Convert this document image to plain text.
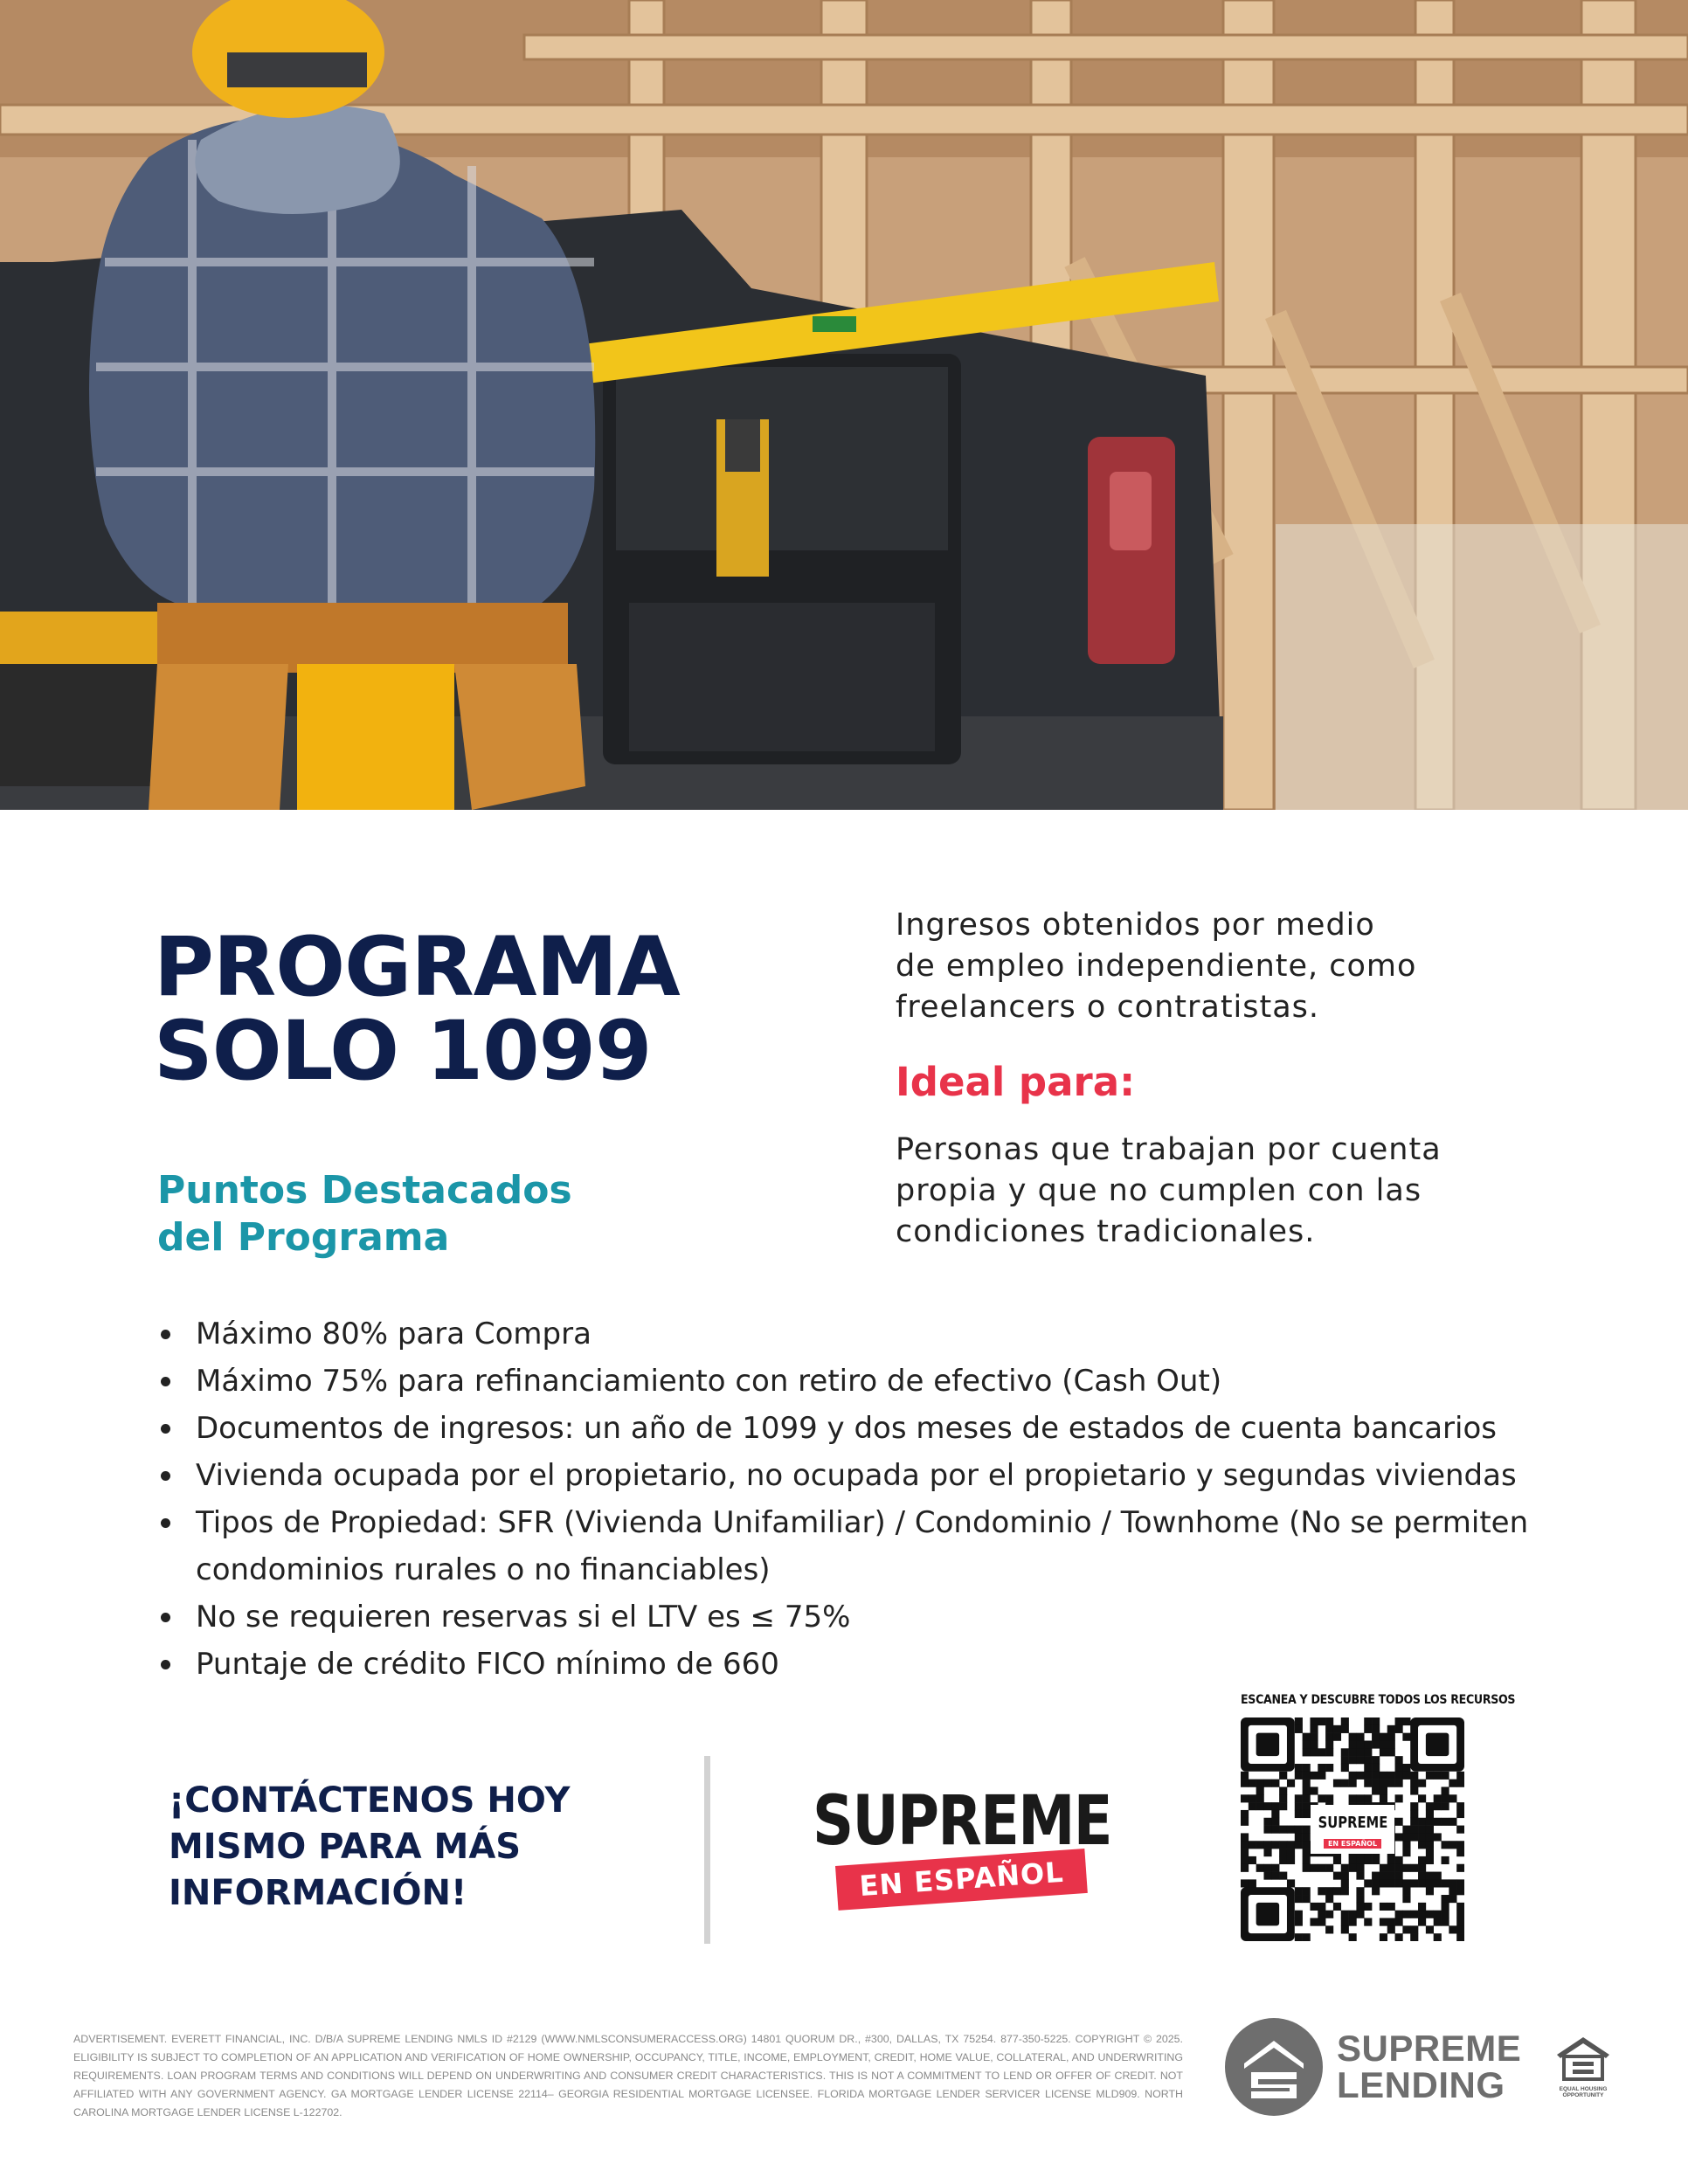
PROGRAMA
SOLO 1099
Ingresos obtenidos por medio
de empleo independiente, como
freelancers o contratistas.
Ideal para:
Personas que trabajan por cuenta
propia y que no cumplen con las
condiciones tradicionales.
Puntos Destacados
del Programa
Máximo 80% para Compra
Máximo 75% para refinanciamiento con retiro de efectivo (Cash Out)
Documentos de ingresos: un año de 1099 y dos meses de estados de cuenta bancarios
Vivienda ocupada por el propietario, no ocupada por el propietario y segundas viviendas
Tipos de Propiedad: SFR (Vivienda Unifamiliar) / Condominio / Townhome (No se permiten condominios rurales o no financiables)
No se requieren reservas si el LTV es ≤ 75%
Puntaje de crédito FICO mínimo de 660
¡CONTÁCTENOS HOY
MISMO PARA MÁS
INFORMACIÓN!
SUPREME
EN ESPAÑOL
ESCANEA Y DESCUBRE TODOS LOS RECURSOS
SUPREME
EN ESPAÑOL

ADVERTISEMENT. EVERETT FINANCIAL, INC. D/B/A SUPREME LENDING NMLS ID #2129 (WWW.NMLSCONSUMERACCESS.ORG) 14801 QUORUM DR., #300, DALLAS, TX 75254. 877-350-5225. COPYRIGHT © 2025. ELIGIBILITY IS SUBJECT TO COMPLETION OF AN APPLICATION AND VERIFICATION OF HOME OWNERSHIP, OCCUPANCY, TITLE, INCOME, EMPLOYMENT, CREDIT, HOME VALUE, COLLATERAL, AND UNDERWRITING REQUIREMENTS. LOAN PROGRAM TERMS AND CONDITIONS WILL DEPEND ON UNDERWRITING AND CONSUMER CREDIT CHARACTERISTICS. THIS IS NOT A COMMITMENT TO LEND OR OFFER OF CREDIT. NOT AFFILIATED WITH ANY GOVERNMENT AGENCY. GA MORTGAGE LENDER LICENSE 22114– GEORGIA RESIDENTIAL MORTGAGE LICENSEE. FLORIDA MORTGAGE LENDER SERVICER LICENSE MLD909. NORTH CAROLINA MORTGAGE LENDER LICENSE L-122702.

SUPREME
LENDING	EQUAL HOUSING OPPORTUNITY
